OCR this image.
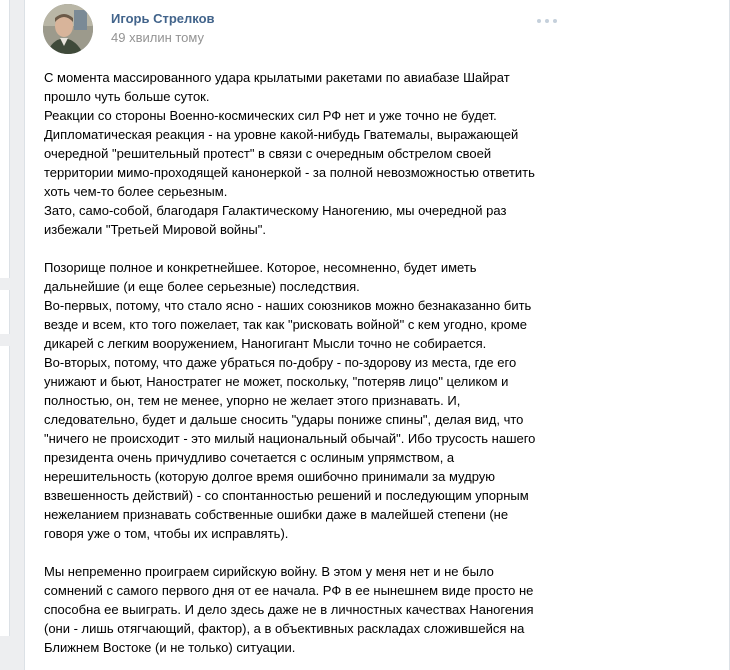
Игорь Стрелков
49 хвилин тому
С момента массированного удара крылатыми ракетами по авиабазе Шайрат
прошло чуть больше суток.
Реакции со стороны Военно-космических сил РФ нет и уже точно не будет.
Дипломатическая реакция - на уровне какой-нибудь Гватемалы, выражающей
очередной "решительный протест" в связи с очередным обстрелом своей
территории мимо-проходящей канонеркой - за полной невозможностью ответить
хоть чем-то более серьезным.
Зато, само-собой, благодаря Галактическому Наногению, мы очередной раз
избежали "Третьей Мировой войны".
Позорище полное и конкретнейшее. Которое, несомненно, будет иметь
дальнейшие (и еще более серьезные) последствия.
Во-первых, потому, что стало ясно - наших союзников можно безнаказанно бить
везде и всем, кто того пожелает, так как "рисковать войной" с кем угодно, кроме
дикарей с легким вооружением, Наногигант Мысли точно не собирается.
Во-вторых, потому, что даже убраться по-добру - по-здорову из места, где его
унижают и бьют, Наностратег не может, поскольку, "потеряв лицо" целиком и
полностью, он, тем не менее, упорно не желает этого признавать. И,
следовательно, будет и дальше сносить "удары пониже спины", делая вид, что
"ничего не происходит - это милый национальный обычай". Ибо трусость нашего
президента очень причудливо сочетается с ослиным упрямством, а
нерешительность (которую долгое время ошибочно принимали за мудрую
взвешенность действий) - со спонтанностью решений и последующим упорным
нежеланием признавать собственные ошибки даже в малейшей степени (не
говоря уже о том, чтобы их исправлять).
Мы непременно проиграем сирийскую войну. В этом у меня нет и не было
сомнений с самого первого дня от ее начала. РФ в ее нынешнем виде просто не
способна ее выиграть. И дело здесь даже не в личностных качествах Наногения
(они - лишь отягчающий, фактор), а в объективных раскладах сложившейся на
Ближнем Востоке (и не только) ситуации.
